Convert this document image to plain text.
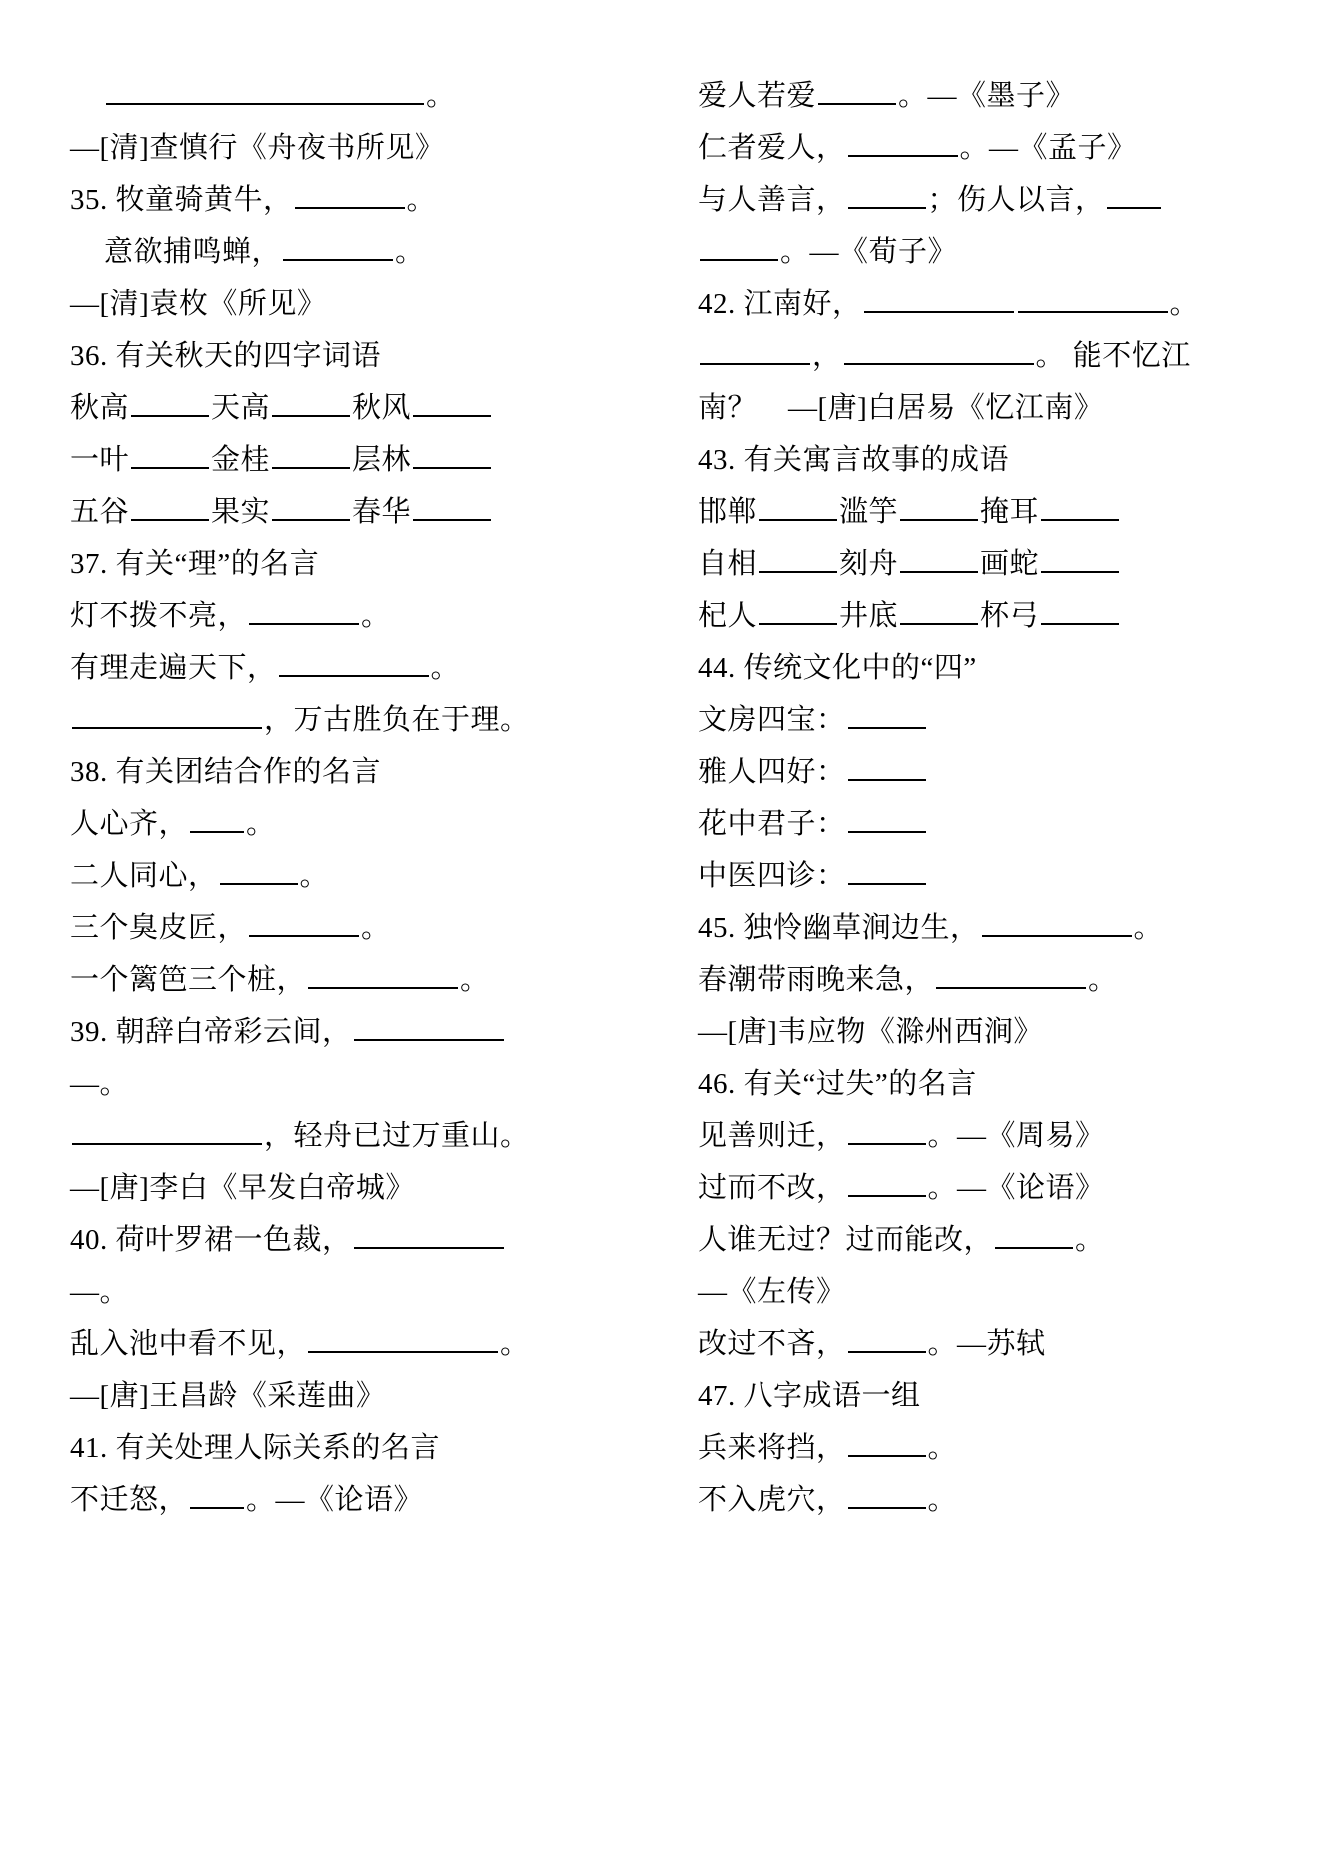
。
—[清]查慎行《舟夜书所见》
35. 牧童骑黄牛，	。
意欲捕鸣蝉，	。
—[清]袁枚《所见》
36. 有关秋天的四字词语
秋高	天高	秋风
一叶	金桂	层林
五谷	果实	春华
37. 有关“理”的名言
灯不拨不亮，	。
有理走遍天下，	。
，万古胜负在于理。
38. 有关团结合作的名言
人心齐， 。
二人同心，	。
三个臭皮匠，	。
一个篱笆三个桩，	。
39. 朝辞白帝彩云间，
—。
，轻舟已过万重山。
—[唐]李白《早发白帝城》
40. 荷叶罗裙一色裁，
—。
乱入池中看不见，	。
—[唐]王昌龄《采莲曲》
41. 有关处理人际关系的名言
不迁怒， 。—《论语》
爱人若爱	。—《墨子》
仁者爱人，	。—《孟子》
与人善言，	；伤人以言，
。—《荀子》
42. 江南好，	。
，	。 能不忆江
南？    —[唐]白居易《忆江南》
43. 有关寓言故事的成语
邯郸	滥竽	掩耳
自相	刻舟	画蛇
杞人	井底	杯弓
44. 传统文化中的“四”
文房四宝：
雅人四好：
花中君子：
中医四诊：
45. 独怜幽草涧边生，	。
春潮带雨晚来急，	。
—[唐]韦应物《滁州西涧》
46. 有关“过失”的名言
见善则迁，	。—《周易》
过而不改，	。—《论语》
人谁无过？过而能改，	。
—《左传》
改过不吝，	。—苏轼
47. 八字成语一组
兵来将挡，	。
不入虎穴，	。
